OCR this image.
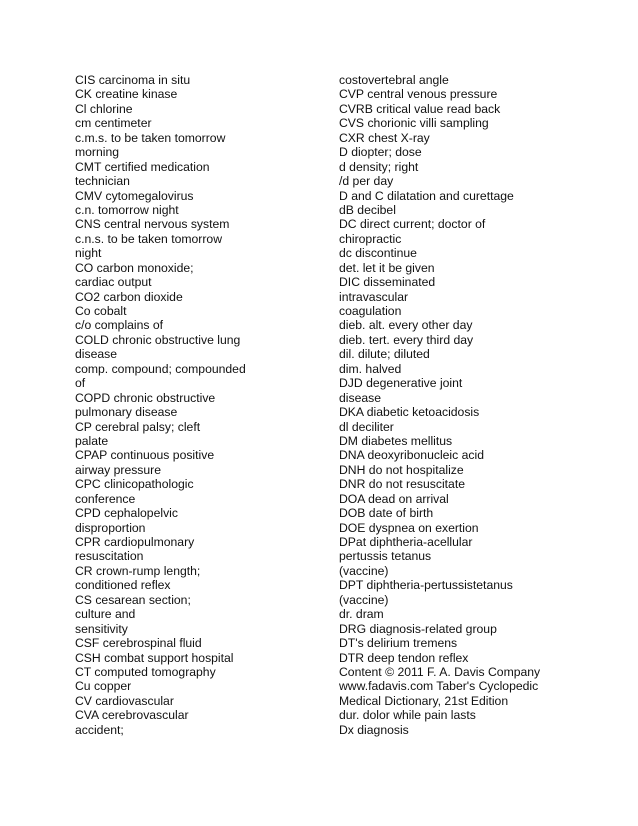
CIS carcinoma in situ
CK creatine kinase
Cl chlorine
cm centimeter
c.m.s. to be taken tomorrow
morning
CMT certified medication
technician
CMV cytomegalovirus
c.n. tomorrow night
CNS central nervous system
c.n.s. to be taken tomorrow
night
CO carbon monoxide;
cardiac output
CO2 carbon dioxide
Co cobalt
c/o complains of
COLD chronic obstructive lung
disease
comp. compound; compounded
of
COPD chronic obstructive
pulmonary disease
CP cerebral palsy; cleft
palate
CPAP continuous positive
airway pressure
CPC clinicopathologic
conference
CPD cephalopelvic
disproportion
CPR cardiopulmonary
resuscitation
CR crown-rump length;
conditioned reflex
CS cesarean section;
culture and
sensitivity
CSF cerebrospinal fluid
CSH combat support hospital
CT computed tomography
Cu copper
CV cardiovascular
CVA cerebrovascular
accident;
costovertebral angle
CVP central venous pressure
CVRB critical value read back
CVS chorionic villi sampling
CXR chest X-ray
D diopter; dose
d density; right
/d per day
D and C dilatation and curettage
dB decibel
DC direct current; doctor of
chiropractic
dc discontinue
det. let it be given
DIC disseminated
intravascular
coagulation
dieb. alt. every other day
dieb. tert. every third day
dil. dilute; diluted
dim. halved
DJD degenerative joint
disease
DKA diabetic ketoacidosis
dl deciliter
DM diabetes mellitus
DNA deoxyribonucleic acid
DNH do not hospitalize
DNR do not resuscitate
DOA dead on arrival
DOB date of birth
DOE dyspnea on exertion
DPat diphtheria-acellular
pertussis tetanus
(vaccine)
DPT diphtheria-pertussistetanus
(vaccine)
dr. dram
DRG diagnosis-related group
DT's delirium tremens
DTR deep tendon reflex
Content © 2011 F. A. Davis Company
www.fadavis.com Taber's Cyclopedic
Medical Dictionary, 21st Edition
dur. dolor while pain lasts
Dx diagnosis
